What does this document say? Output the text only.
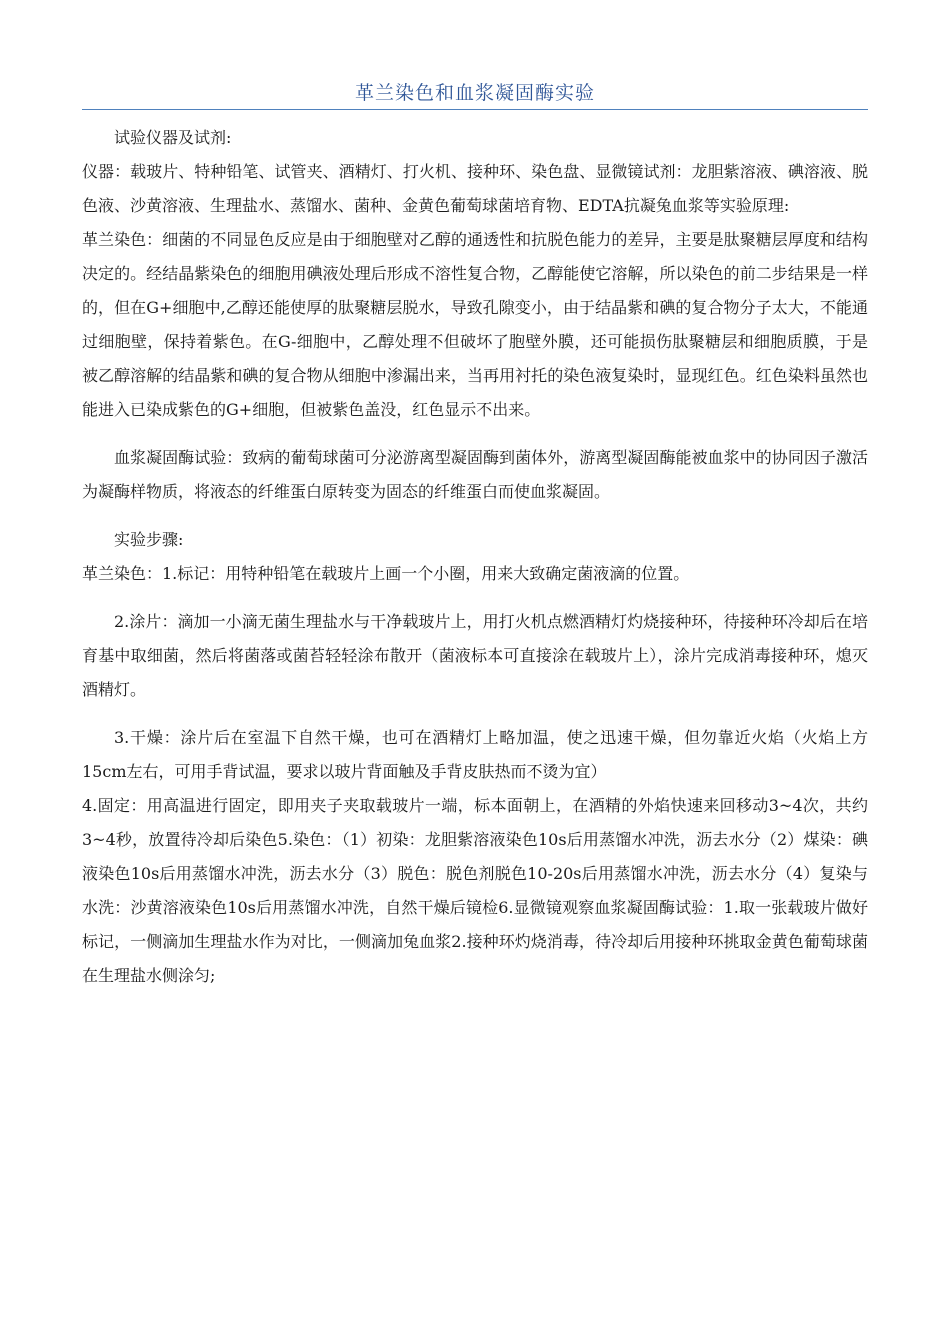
革兰染色和血浆凝固酶实验

试验仪器及试剂:

仪器：载玻片、特种铅笔、试管夹、酒精灯、打火机、接种环、染色盘、显微镜试剂：龙胆紫溶液、碘溶液、脱色液、沙黄溶液、生理盐水、蒸馏水、菌种、金黄色葡萄球菌培育物、EDTA抗凝兔血浆等实验原理:

革兰染色：细菌的不同显色反应是由于细胞壁对乙醇的通透性和抗脱色能力的差异，主要是肽聚糖层厚度和结构决定的。经结晶紫染色的细胞用碘液处理后形成不溶性复合物，乙醇能使它溶解，所以染色的前二步结果是一样的，但在G+细胞中,乙醇还能使厚的肽聚糖层脱水，导致孔隙变小，由于结晶紫和碘的复合物分子太大，不能通过细胞壁，保持着紫色。在G-细胞中，乙醇处理不但破坏了胞壁外膜，还可能损伤肽聚糖层和细胞质膜，于是被乙醇溶解的结晶紫和碘的复合物从细胞中渗漏出来，当再用衬托的染色液复染时，显现红色。红色染料虽然也能进入已染成紫色的G+细胞，但被紫色盖没，红色显示不出来。

血浆凝固酶试验：致病的葡萄球菌可分泌游离型凝固酶到菌体外，游离型凝固酶能被血浆中的协同因子激活为凝酶样物质，将液态的纤维蛋白原转变为固态的纤维蛋白而使血浆凝固。

实验步骤:

革兰染色：1.标记：用特种铅笔在载玻片上画一个小圈，用来大致确定菌液滴的位置。

2.涂片：滴加一小滴无菌生理盐水与干净载玻片上，用打火机点燃酒精灯灼烧接种环，待接种环冷却后在培育基中取细菌，然后将菌落或菌苔轻轻涂布散开（菌液标本可直接涂在载玻片上），涂片完成消毒接种环，熄灭酒精灯。

3.干燥：涂片后在室温下自然干燥，也可在酒精灯上略加温，使之迅速干燥，但勿靠近火焰（火焰上方15cm左右，可用手背试温，要求以玻片背面触及手背皮肤热而不烫为宜）

4.固定：用高温进行固定，即用夹子夹取载玻片一端，标本面朝上，在酒精的外焰快速来回移动3~4次，共约3~4秒，放置待冷却后染色5.染色：（1）初染：龙胆紫溶液染色10s后用蒸馏水冲洗，沥去水分（2）煤染：碘液染色10s后用蒸馏水冲洗，沥去水分（3）脱色：脱色剂脱色10-20s后用蒸馏水冲洗，沥去水分（4）复染与水洗：沙黄溶液染色10s后用蒸馏水冲洗，自然干燥后镜检6.显微镜观察血浆凝固酶试验：1.取一张载玻片做好标记，一侧滴加生理盐水作为对比，一侧滴加兔血浆2.接种环灼烧消毒，待冷却后用接种环挑取金黄色葡萄球菌在生理盐水侧涂匀;
